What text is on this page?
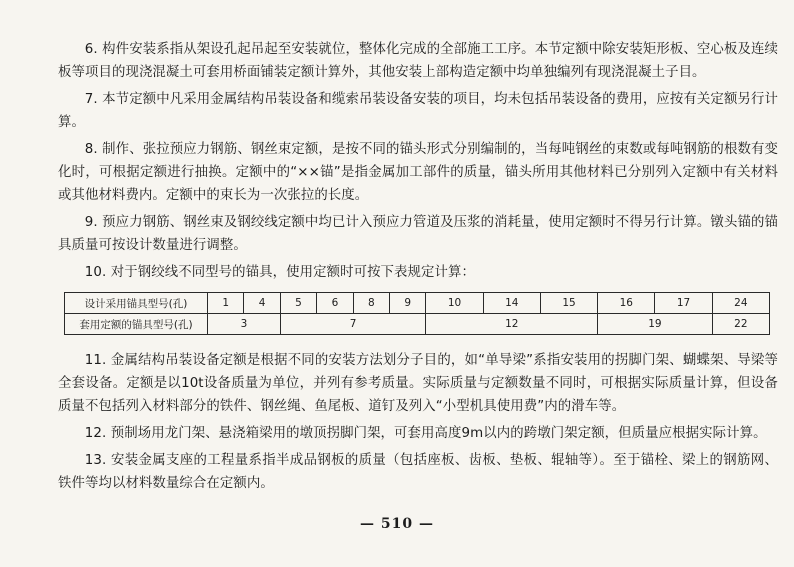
6. 构件安装系指从架设孔起吊起至安装就位，整体化完成的全部施工工序。本节定额中除安装矩形板、空心板及连续板等项目的现浇混凝土可套用桥面铺装定额计算外，其他安装上部构造定额中均单独编列有现浇混凝土子目。

7. 本节定额中凡采用金属结构吊装设备和缆索吊装设备安装的项目，均未包括吊装设备的费用，应按有关定额另行计算。

8. 制作、张拉预应力钢筋、钢丝束定额，是按不同的锚头形式分别编制的，当每吨钢丝的束数或每吨钢筋的根数有变化时，可根据定额进行抽换。定额中的“××锚”是指金属加工部件的质量，锚头所用其他材料已分别列入定额中有关材料或其他材料费内。定额中的束长为一次张拉的长度。

9. 预应力钢筋、钢丝束及钢绞线定额中均已计入预应力管道及压浆的消耗量，使用定额时不得另行计算。镦头锚的锚具质量可按设计数量进行调整。

10. 对于钢绞线不同型号的锚具，使用定额时可按下表规定计算：

设计采用锚具型号(孔)	1	4	5	6	8	9	10	14	15	16	17	24
套用定额的锚具型号(孔)	3		7				12			19		22

11. 金属结构吊装设备定额是根据不同的安装方法划分子目的，如“单导梁”系指安装用的拐脚门架、蝴蝶架、导梁等全套设备。定额是以10t设备质量为单位，并列有参考质量。实际质量与定额数量不同时，可根据实际质量计算，但设备质量不包括列入材料部分的铁件、钢丝绳、鱼尾板、道钉及列入“小型机具使用费”内的滑车等。

12. 预制场用龙门架、悬浇箱梁用的墩顶拐脚门架，可套用高度9m以内的跨墩门架定额，但质量应根据实际计算。

13. 安装金属支座的工程量系指半成品钢板的质量（包括座板、齿板、垫板、辊轴等）。至于锚栓、梁上的钢筋网、铁件等均以材料数量综合在定额内。

— 510 —
